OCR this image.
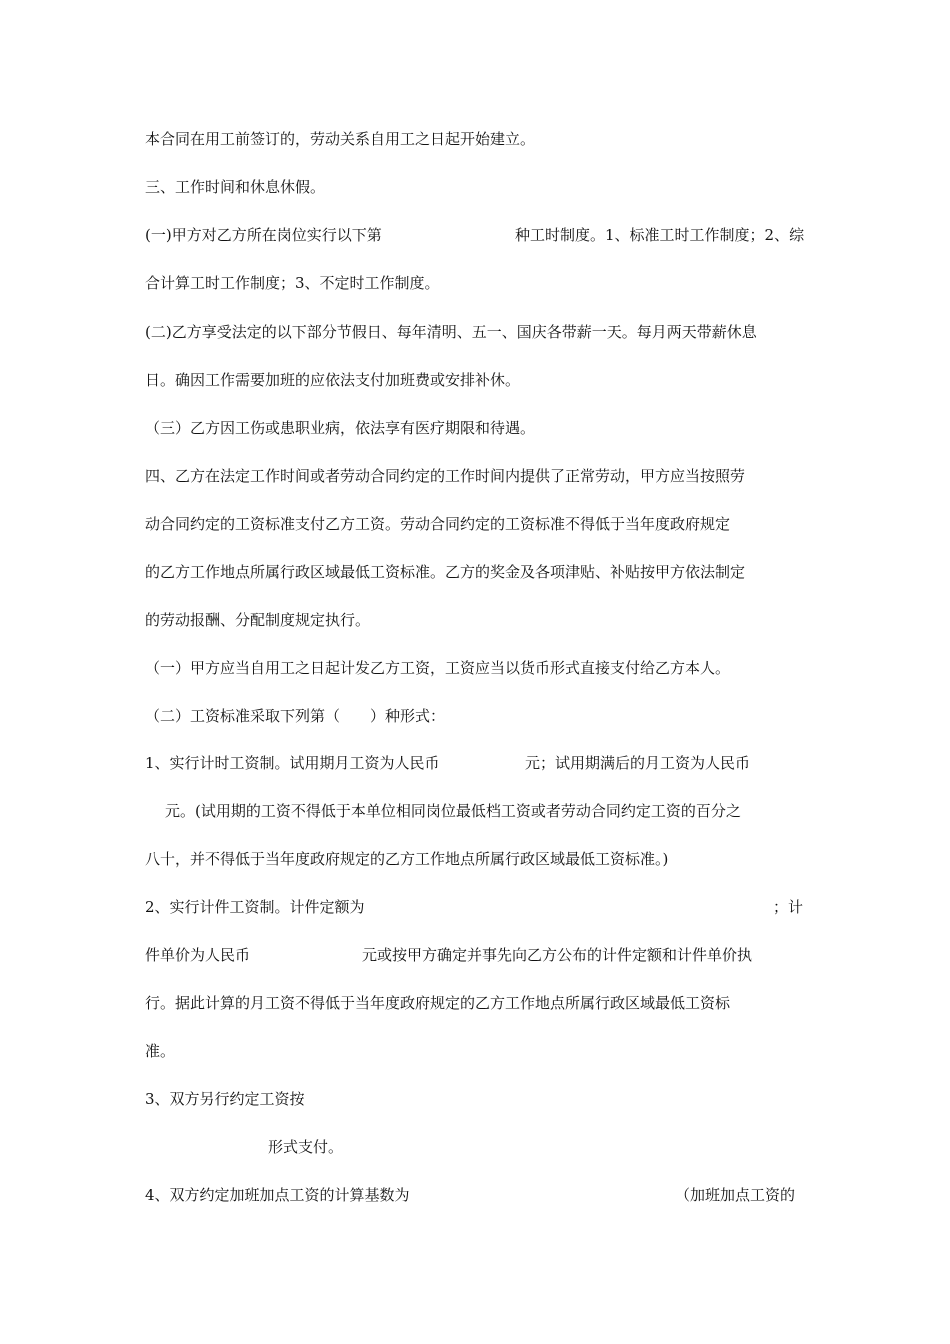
本合同在用工前签订的，劳动关系自用工之日起开始建立。
三、工作时间和休息休假。
(一)甲方对乙方所在岗位实行以下第	种工时制度。1、标准工时工作制度；2、综
合计算工时工作制度；3、不定时工作制度。
(二)乙方享受法定的以下部分节假日、每年清明、五一、国庆各带薪一天。每月两天带薪休息
日。确因工作需要加班的应依法支付加班费或安排补休。
（三）乙方因工伤或患职业病，依法享有医疗期限和待遇。
四、乙方在法定工作时间或者劳动合同约定的工作时间内提供了正常劳动，甲方应当按照劳
动合同约定的工资标准支付乙方工资。劳动合同约定的工资标准不得低于当年度政府规定
的乙方工作地点所属行政区域最低工资标准。乙方的奖金及各项津贴、补贴按甲方依法制定
的劳动报酬、分配制度规定执行。
（一）甲方应当自用工之日起计发乙方工资，工资应当以货币形式直接支付给乙方本人。
（二）工资标准采取下列第（　　）种形式：
1、实行计时工资制。试用期月工资为人民币	元；试用期满后的月工资为人民币
元。(试用期的工资不得低于本单位相同岗位最低档工资或者劳动合同约定工资的百分之
八十，并不得低于当年度政府规定的乙方工作地点所属行政区域最低工资标准。)
2、实行计件工资制。计件定额为	；计
件单价为人民币	元或按甲方确定并事先向乙方公布的计件定额和计件单价执
行。据此计算的月工资不得低于当年度政府规定的乙方工作地点所属行政区域最低工资标
准。
3、双方另行约定工资按
形式支付。
4、双方约定加班加点工资的计算基数为	（加班加点工资的
